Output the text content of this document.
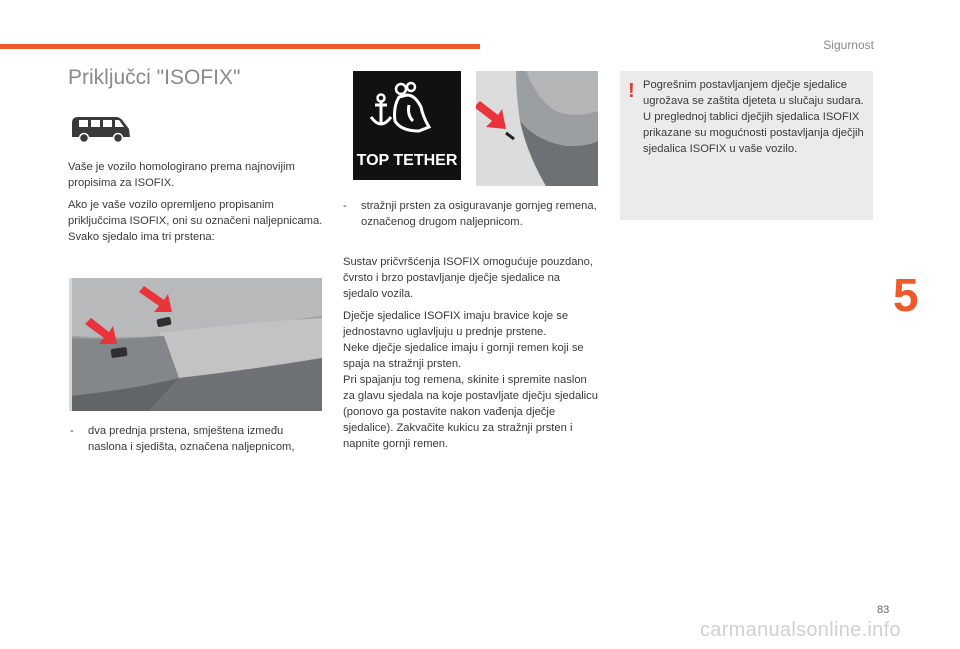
Sigurnost
5
Priključci "ISOFIX"

Vaše je vozilo homologirano prema najnovijim propisima za ISOFIX.

Ako je vaše vozilo opremljeno propisanim priključcima ISOFIX, oni su označeni naljepnicama.
Svako sjedalo ima tri prstena:
- dva prednja prstena, smještena između naslona i sjedišta, označena naljepnicom,
TOP TETHER
- stražnji prsten za osiguravanje gornjeg remena, označenog drugom naljepnicom.

Sustav pričvršćenja ISOFIX omogućuje pouzdano, čvrsto i brzo postavljanje dječje sjedalice na sjedalo vozila.

Dječje sjedalice ISOFIX imaju bravice koje se jednostavno uglavljuju u prednje prstene.
Neke dječje sjedalice imaju i gornji remen koji se spaja na stražnji prsten.
Pri spajanju tog remena, skinite i spremite naslon za glavu sjedala na koje postavljate dječju sjedalicu (ponovo ga postavite nakon vađenja dječje sjedalice). Zakvačite kukicu za stražnji prsten i napnite gornji remen.
! Pogrešnim postavljanjem dječje sjedalice ugrožava se zaštita djeteta u slučaju sudara.
U preglednoj tablici dječjih sjedalica ISOFIX prikazane su mogućnosti postavljanja dječjih sjedalica ISOFIX u vaše vozilo.
83
carmanualsonline.info
